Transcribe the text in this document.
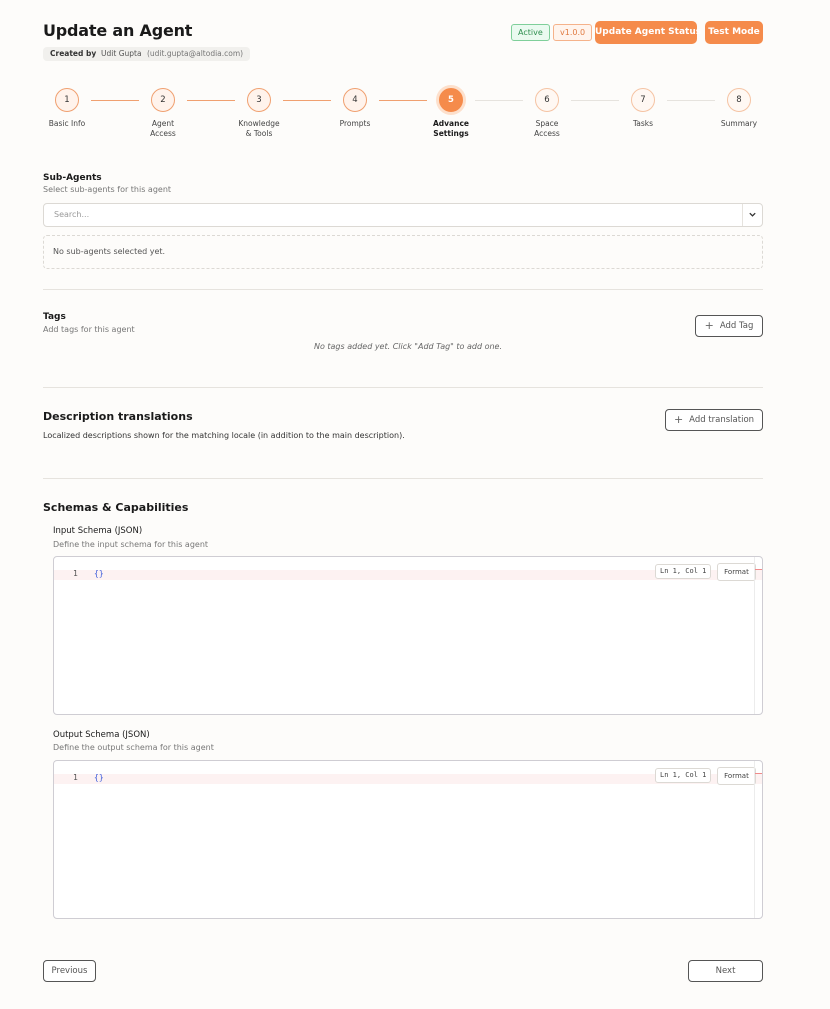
Update an Agent
Created by Udit Gupta (udit.gupta@altodia.com)
Active	v1.0.0	Update Agent Status Test Mode
1
Basic Info
2
Agent
Access
3
Knowledge
& Tools
4
Prompts
5
Advance
Settings
6
Space
Access
7
Tasks
8
Summary
Sub-Agents
Select sub-agents for this agent
Search...
No sub-agents selected yet.
Tags
Add tags for this agent	+ Add Tag
No tags added yet. Click "Add Tag" to add one.
Description translations
Localized descriptions shown for the matching locale (in addition to the main description).
+ Add translation
Schemas & Capabilities
Input Schema (JSON)
Define the input schema for this agent
1 {}	Ln 1, Col 1	Format
Output Schema (JSON)
Define the output schema for this agent
1 {}	Ln 1, Col 1	Format
Previous	Next
